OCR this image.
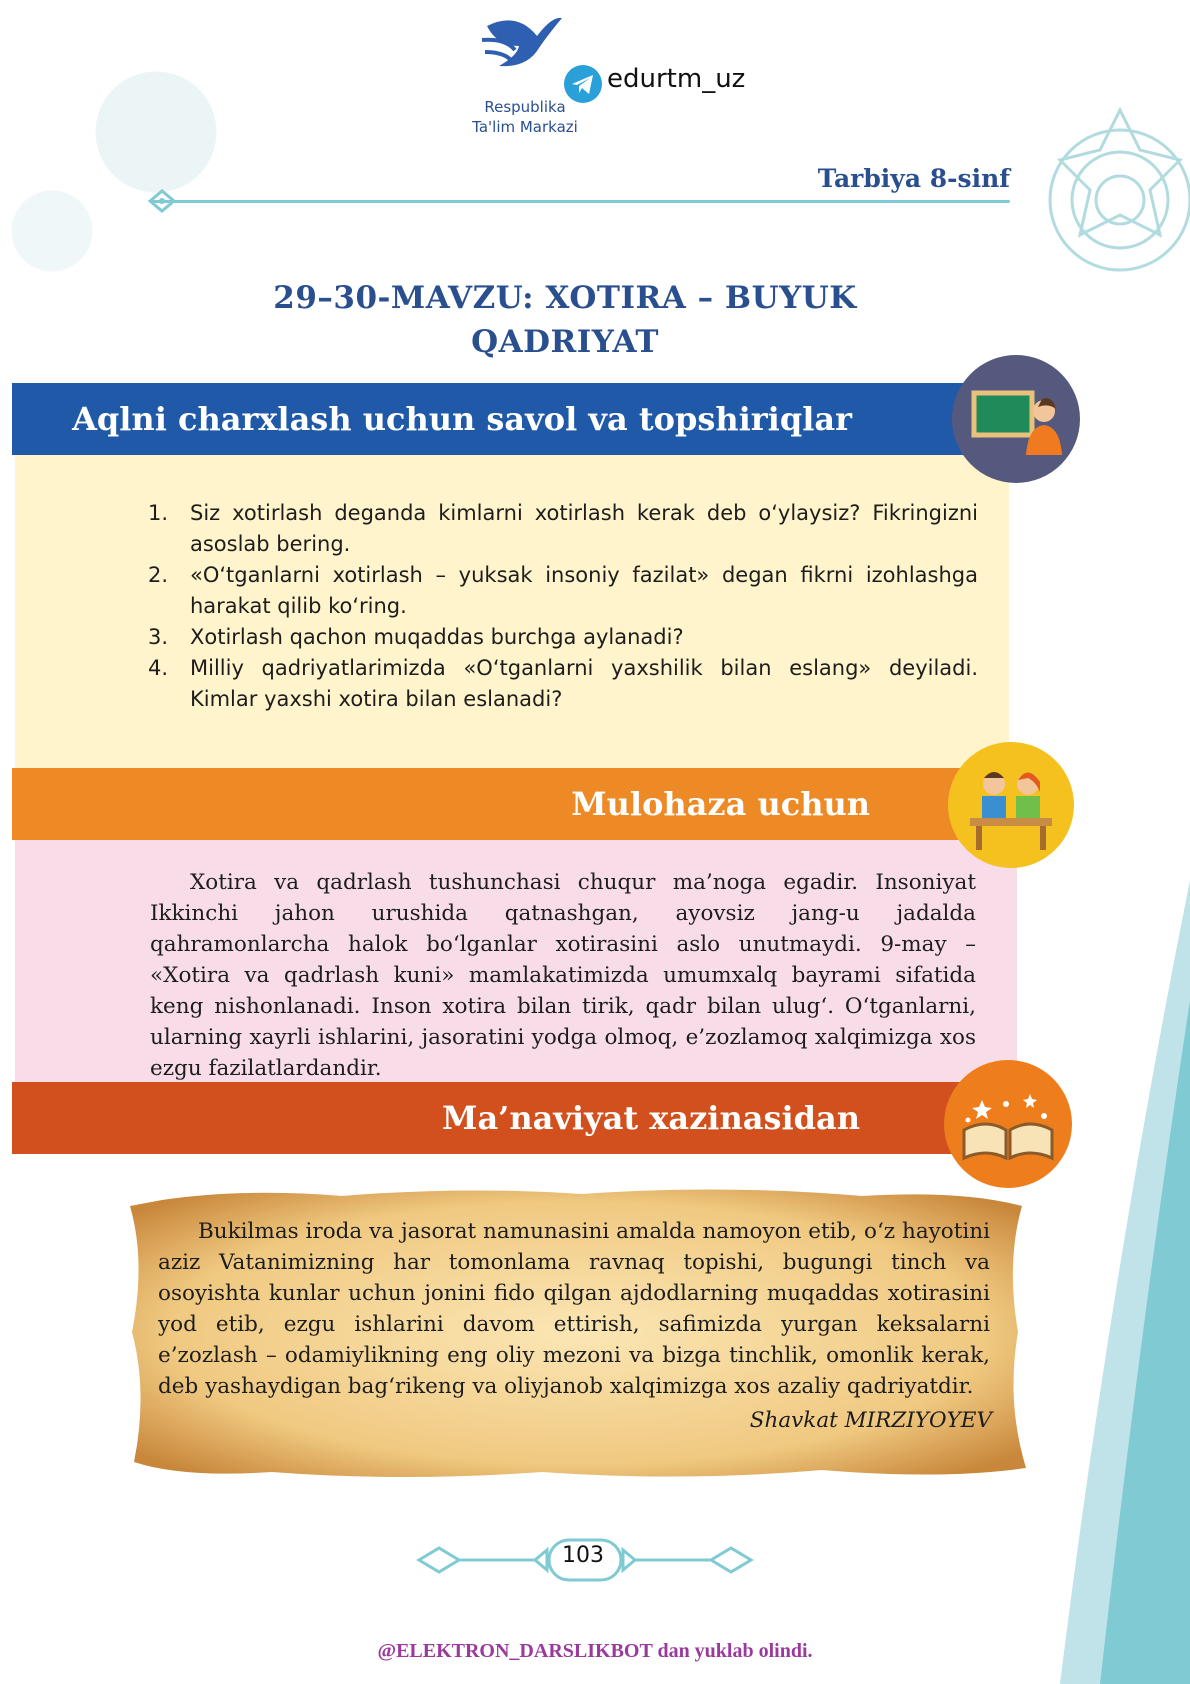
Respublika
Ta'lim Markazi
edurtm_uz
Tarbiya 8-sinf
29–30-MAVZU: XOTIRA – BUYUK
QADRIYAT
Aqlni charxlash uchun savol va topshiriqlar
1. Siz xotirlash deganda kimlarni xotirlash kerak deb o‘ylaysiz? Fikringizni asoslab bering.
2. «O‘tganlarni xotirlash – yuksak insoniy fazilat» degan fikrni izohlashga harakat qilib ko‘ring.
3. Xotirlash qachon muqaddas burchga aylanadi?
4. Milliy qadriyatlarimizda «O‘tganlarni yaxshilik bilan eslang» deyiladi. Kimlar yaxshi xotira bilan eslanadi?
Mulohaza uchun
Xotira va qadrlash tushunchasi chuqur ma’noga egadir. Insoniyat Ikkinchi jahon urushida qatnashgan, ayovsiz jang-u jadalda qahramonlarcha halok bo‘lganlar xotirasini aslo unutmaydi. 9-may – «Xotira va qadrlash kuni» mamlakatimizda umumxalq bayrami sifatida keng nishonlanadi. Inson xotira bilan tirik, qadr bilan ulug‘. O‘tganlarni, ularning xayrli ishlarini, jasoratini yodga olmoq, e’zozlamoq xalqimizga xos ezgu fazilatlardandir.
Ma’naviyat xazinasidan
Bukilmas iroda va jasorat namunasini amalda namoyon etib, o‘z hayotini aziz Vatanimizning har tomonlama ravnaq topishi, bugungi tinch va osoyishta kunlar uchun jonini fido qilgan ajdodlarning muqaddas xotirasini yod etib, ezgu ishlarini davom ettirish, safimizda yurgan keksalarni e’zozlash – odamiylikning eng oliy mezoni va bizga tinchlik, omonlik kerak, deb yashaydigan bag‘rikeng va oliyjanob xalqimizga xos azaliy qadriyatdir.
Shavkat MIRZIYOYEV
103
@ELEKTRON_DARSLIKBOT dan yuklab olindi.
